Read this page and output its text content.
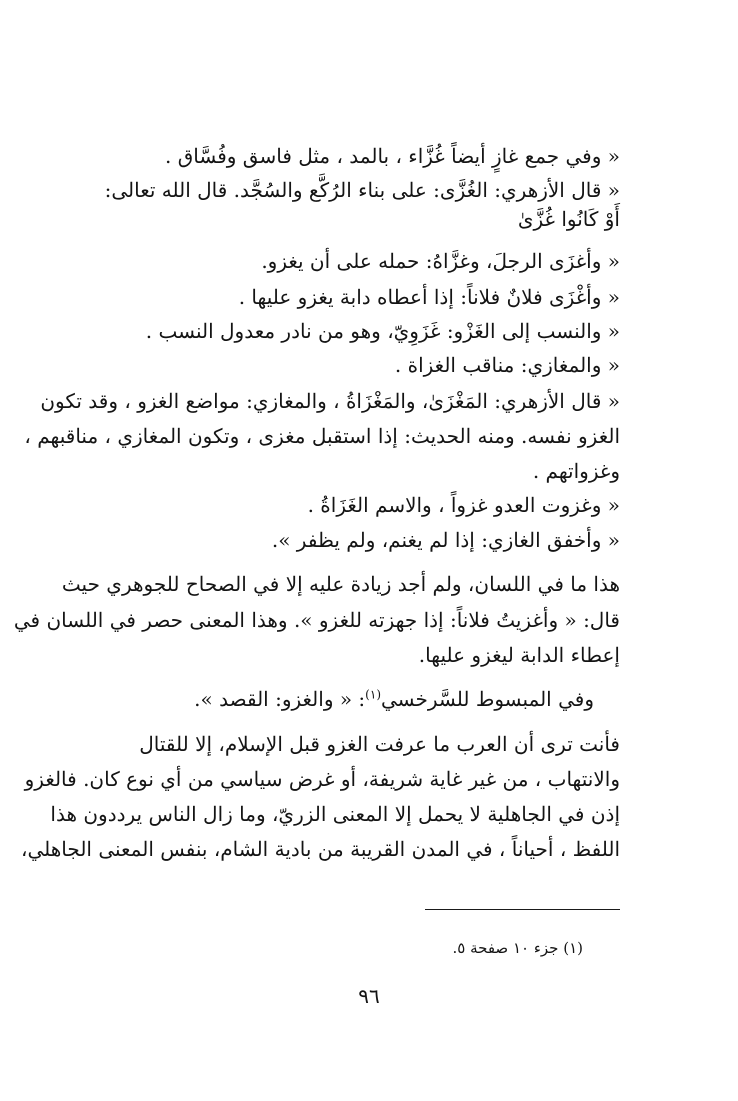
« وفي جمع غازٍ أيضاً غُزَّاء ، بالمد ، مثل فاسق وفُسَّاق .
« قال الأزهري: الغُزَّى: على بناء الرُكَّع والسُجَّد. قال الله تعالى:
أَوْ كَانُوا غُزَّىٰ
« وأغزَى الرجلَ، وغزَّاهُ: حمله على أن يغزو.
« وأغْزَى فلانٌ فلاناً: إذا أعطاه دابة يغزو عليها .
« والنسب إلى الغَزْو: غَزَوِيّ، وهو من نادر معدول النسب .
« والمغازي: مناقب الغزاة .
« قال الأزهري: المَغْزَىٰ، والمَغْزَاةُ ، والمغازي: مواضع الغزو ، وقد تكون
الغزو نفسه. ومنه الحديث: إذا استقبل مغزى ، وتكون المغازي ، مناقبهم ،
وغزواتهم .
« وغزوت العدو غزواً ، والاسم الغَزَاةُ .
« وأخفق الغازي: إذا لم يغنم، ولم يظفر ».
هذا ما في اللسان، ولم أجد زيادة عليه إلا في الصحاح للجوهري حيث
قال: « وأغزيتُ فلاناً: إذا جهزته للغزو ». وهذا المعنى حصر في اللسان في
إعطاء الدابة ليغزو عليها.
وفي المبسوط للسَّرخسي$^{(١)}$: « والغزو: القصد ».
فأنت ترى أن العرب ما عرفت الغزو قبل الإسلام، إلا للقتال
والانتهاب ، من غير غاية شريفة، أو غرض سياسي من أي نوع كان. فالغزو
إذن في الجاهلية لا يحمل إلا المعنى الزريّ، وما زال الناس يرددون هذا
اللفظ ، أحياناً ، في المدن القريبة من بادية الشام، بنفس المعنى الجاهلي،
(١) جزء ١٠ صفحة ٥.
٩٦
